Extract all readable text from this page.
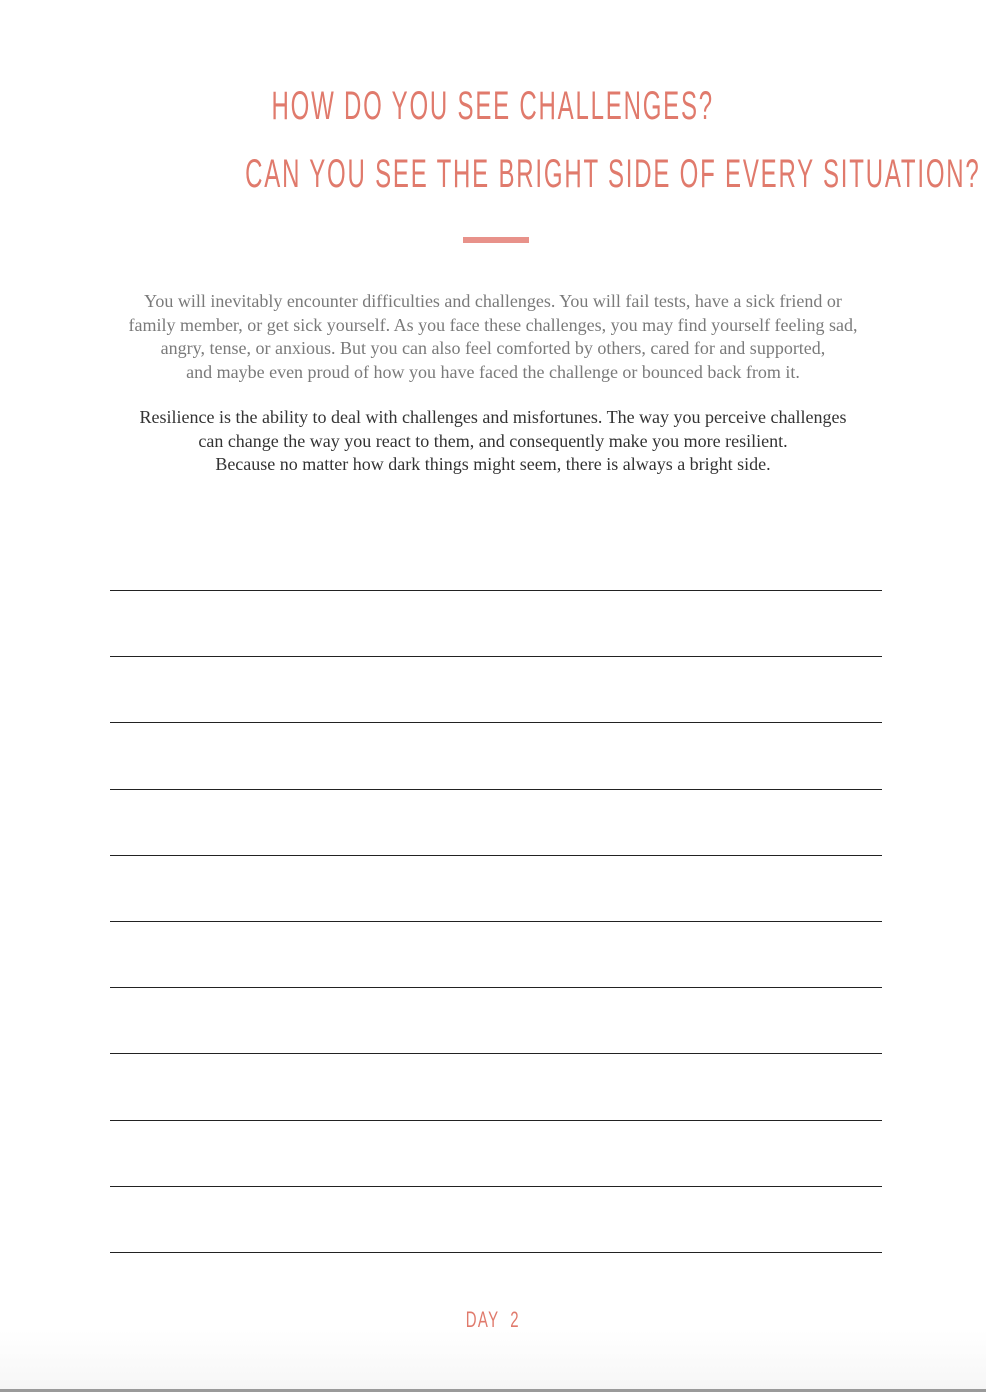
HOW DO YOU SEE CHALLENGES?
CAN YOU SEE THE BRIGHT SIDE OF EVERY SITUATION?
You will inevitably encounter difficulties and challenges. You will fail tests, have a sick friend or
family member, or get sick yourself. As you face these challenges, you may find yourself feeling sad,
angry, tense, or anxious. But you can also feel comforted by others, cared for and supported,
and maybe even proud of how you have faced the challenge or bounced back from it.
Resilience is the ability to deal with challenges and misfortunes. The way you perceive challenges
can change the way you react to them, and consequently make you more resilient.
Because no matter how dark things might seem, there is always a bright side.
DAY  2
